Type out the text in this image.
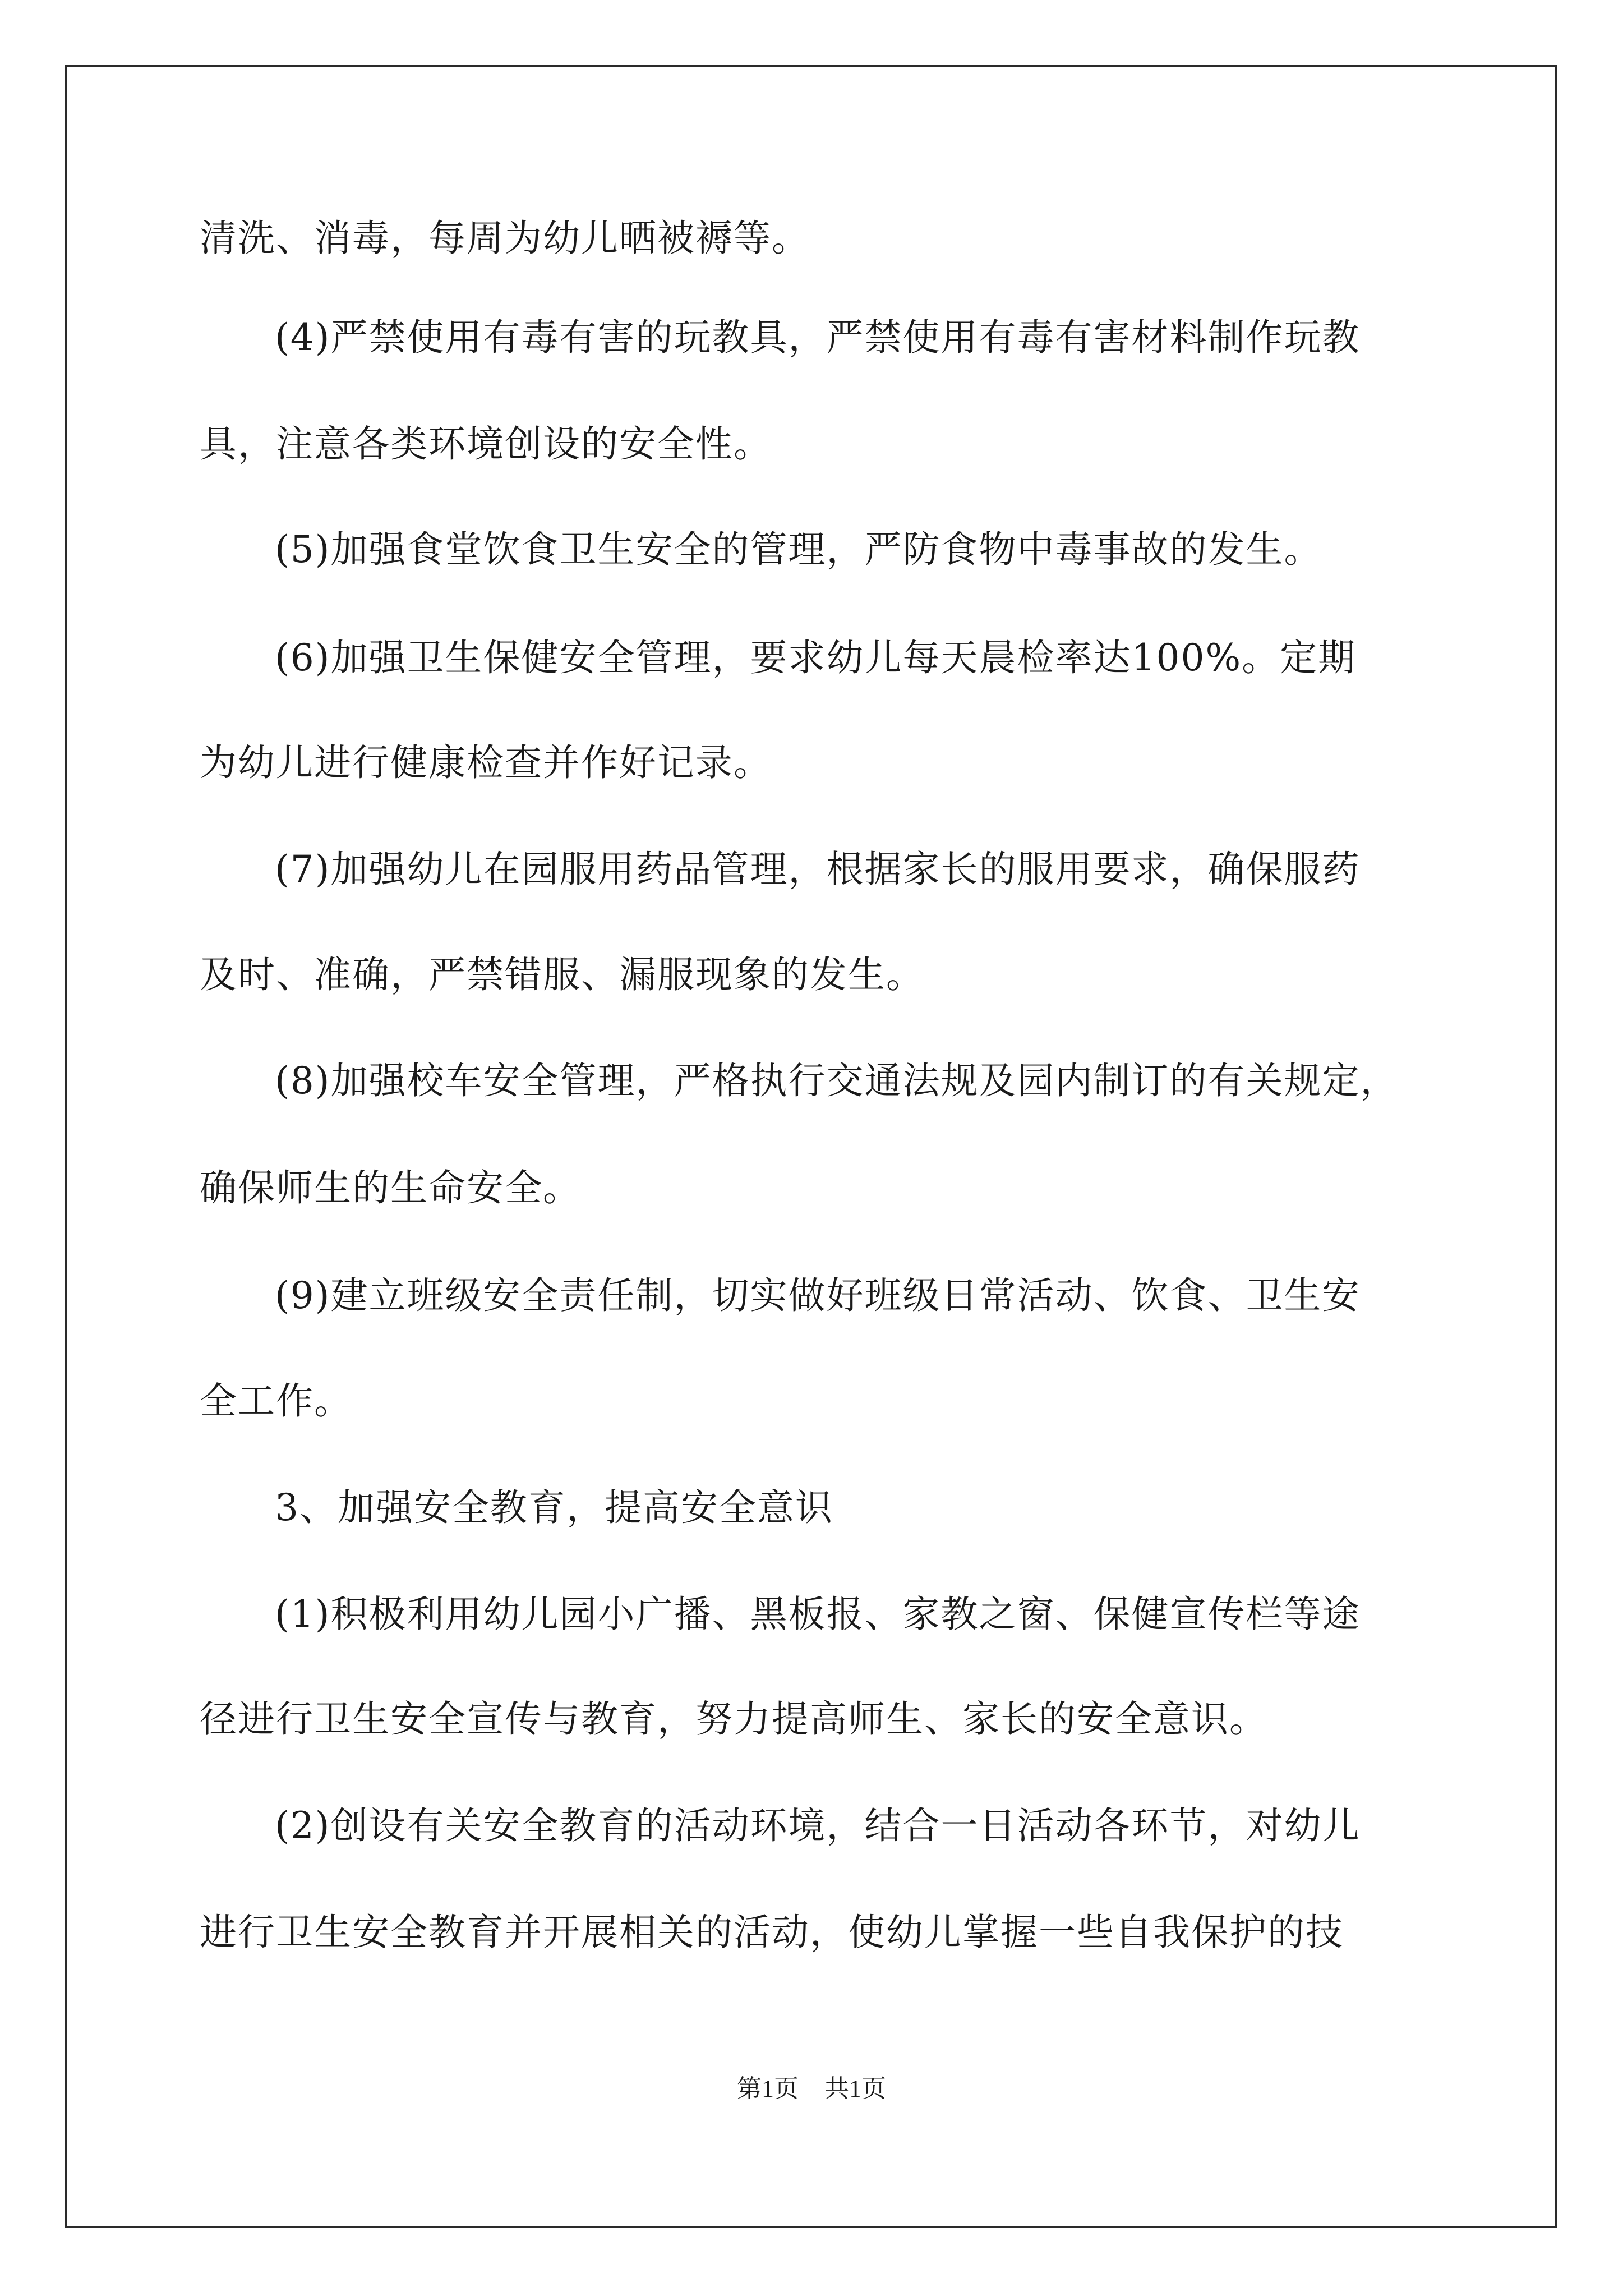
清洗、消毒，每周为幼儿晒被褥等。
(4)严禁使用有毒有害的玩教具，严禁使用有毒有害材料制作玩教
具，注意各类环境创设的安全性。
(5)加强食堂饮食卫生安全的管理，严防食物中毒事故的发生。
(6)加强卫生保健安全管理，要求幼儿每天晨检率达100%。定期
为幼儿进行健康检查并作好记录。
(7)加强幼儿在园服用药品管理，根据家长的服用要求，确保服药
及时、准确，严禁错服、漏服现象的发生。
(8)加强校车安全管理，严格执行交通法规及园内制订的有关规定，
确保师生的生命安全。
(9)建立班级安全责任制，切实做好班级日常活动、饮食、卫生安
全工作。
3、加强安全教育，提高安全意识
(1)积极利用幼儿园小广播、黑板报、家教之窗、保健宣传栏等途
径进行卫生安全宣传与教育，努力提高师生、家长的安全意识。
(2)创设有关安全教育的活动环境，结合一日活动各环节，对幼儿
进行卫生安全教育并开展相关的活动，使幼儿掌握一些自我保护的技
第1页 共1页
